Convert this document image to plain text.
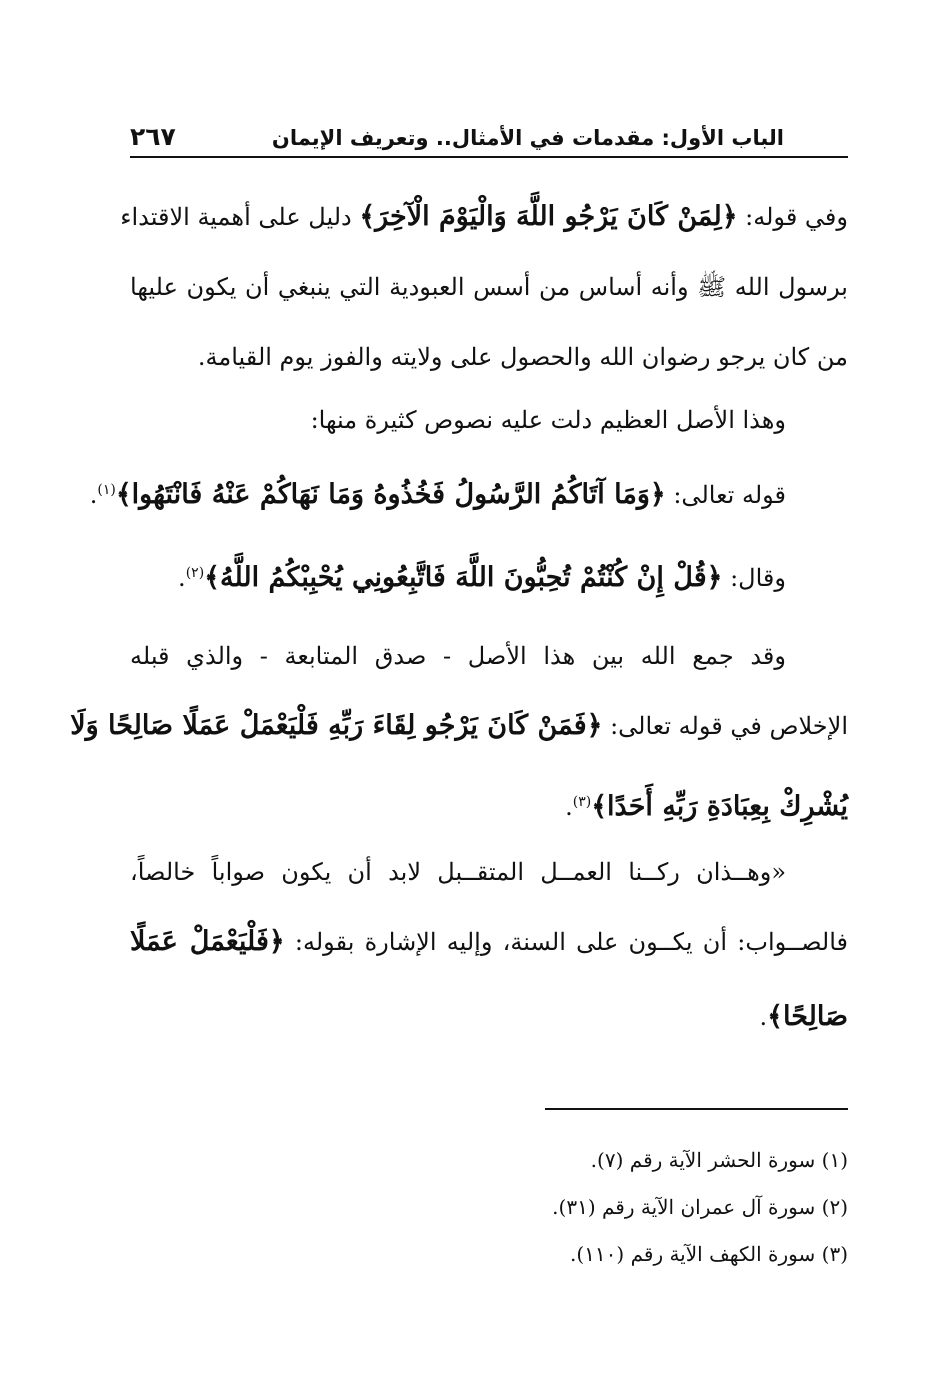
الباب الأول: مقدمات في الأمثال.. وتعريف الإيمان
٢٦٧
وفي قوله: ﴿لِمَنْ كَانَ يَرْجُو اللَّهَ وَالْيَوْمَ الْآخِرَ﴾ دليل على أهمية الاقتداء
برسول الله ﷺ وأنه أساس من أسس العبودية التي ينبغي أن يكون عليها
من كان يرجو رضوان الله والحصول على ولايته والفوز يوم القيامة.
وهذا الأصل العظيم دلت عليه نصوص كثيرة منها:
قوله تعالى: ﴿وَمَا آتَاكُمُ الرَّسُولُ فَخُذُوهُ وَمَا نَهَاكُمْ عَنْهُ فَانْتَهُوا﴾$^{(١)}$.
وقال: ﴿قُلْ إِنْ كُنْتُمْ تُحِبُّونَ اللَّهَ فَاتَّبِعُونِي يُحْبِبْكُمُ اللَّهُ﴾$^{(٢)}$.
وقد جمع الله بين هذا الأصل - صدق المتابعة - والذي قبله
الإخلاص في قوله تعالى: ﴿فَمَنْ كَانَ يَرْجُو لِقَاءَ رَبِّهِ فَلْيَعْمَلْ عَمَلًا صَالِحًا وَلَا
يُشْرِكْ بِعِبَادَةِ رَبِّهِ أَحَدًا﴾$^{(٣)}$.
«وهــذان ركــنا العمــل المتقــبل لابد أن يكون صواباً خالصاً،
فالصــواب: أن يكــون على السنة، وإليه الإشارة بقوله: ﴿فَلْيَعْمَلْ عَمَلًا
صَالِحًا﴾.
(١) سورة الحشر الآية رقم (٧).
(٢) سورة آل عمران الآية رقم (٣١).
(٣) سورة الكهف الآية رقم (١١٠).
